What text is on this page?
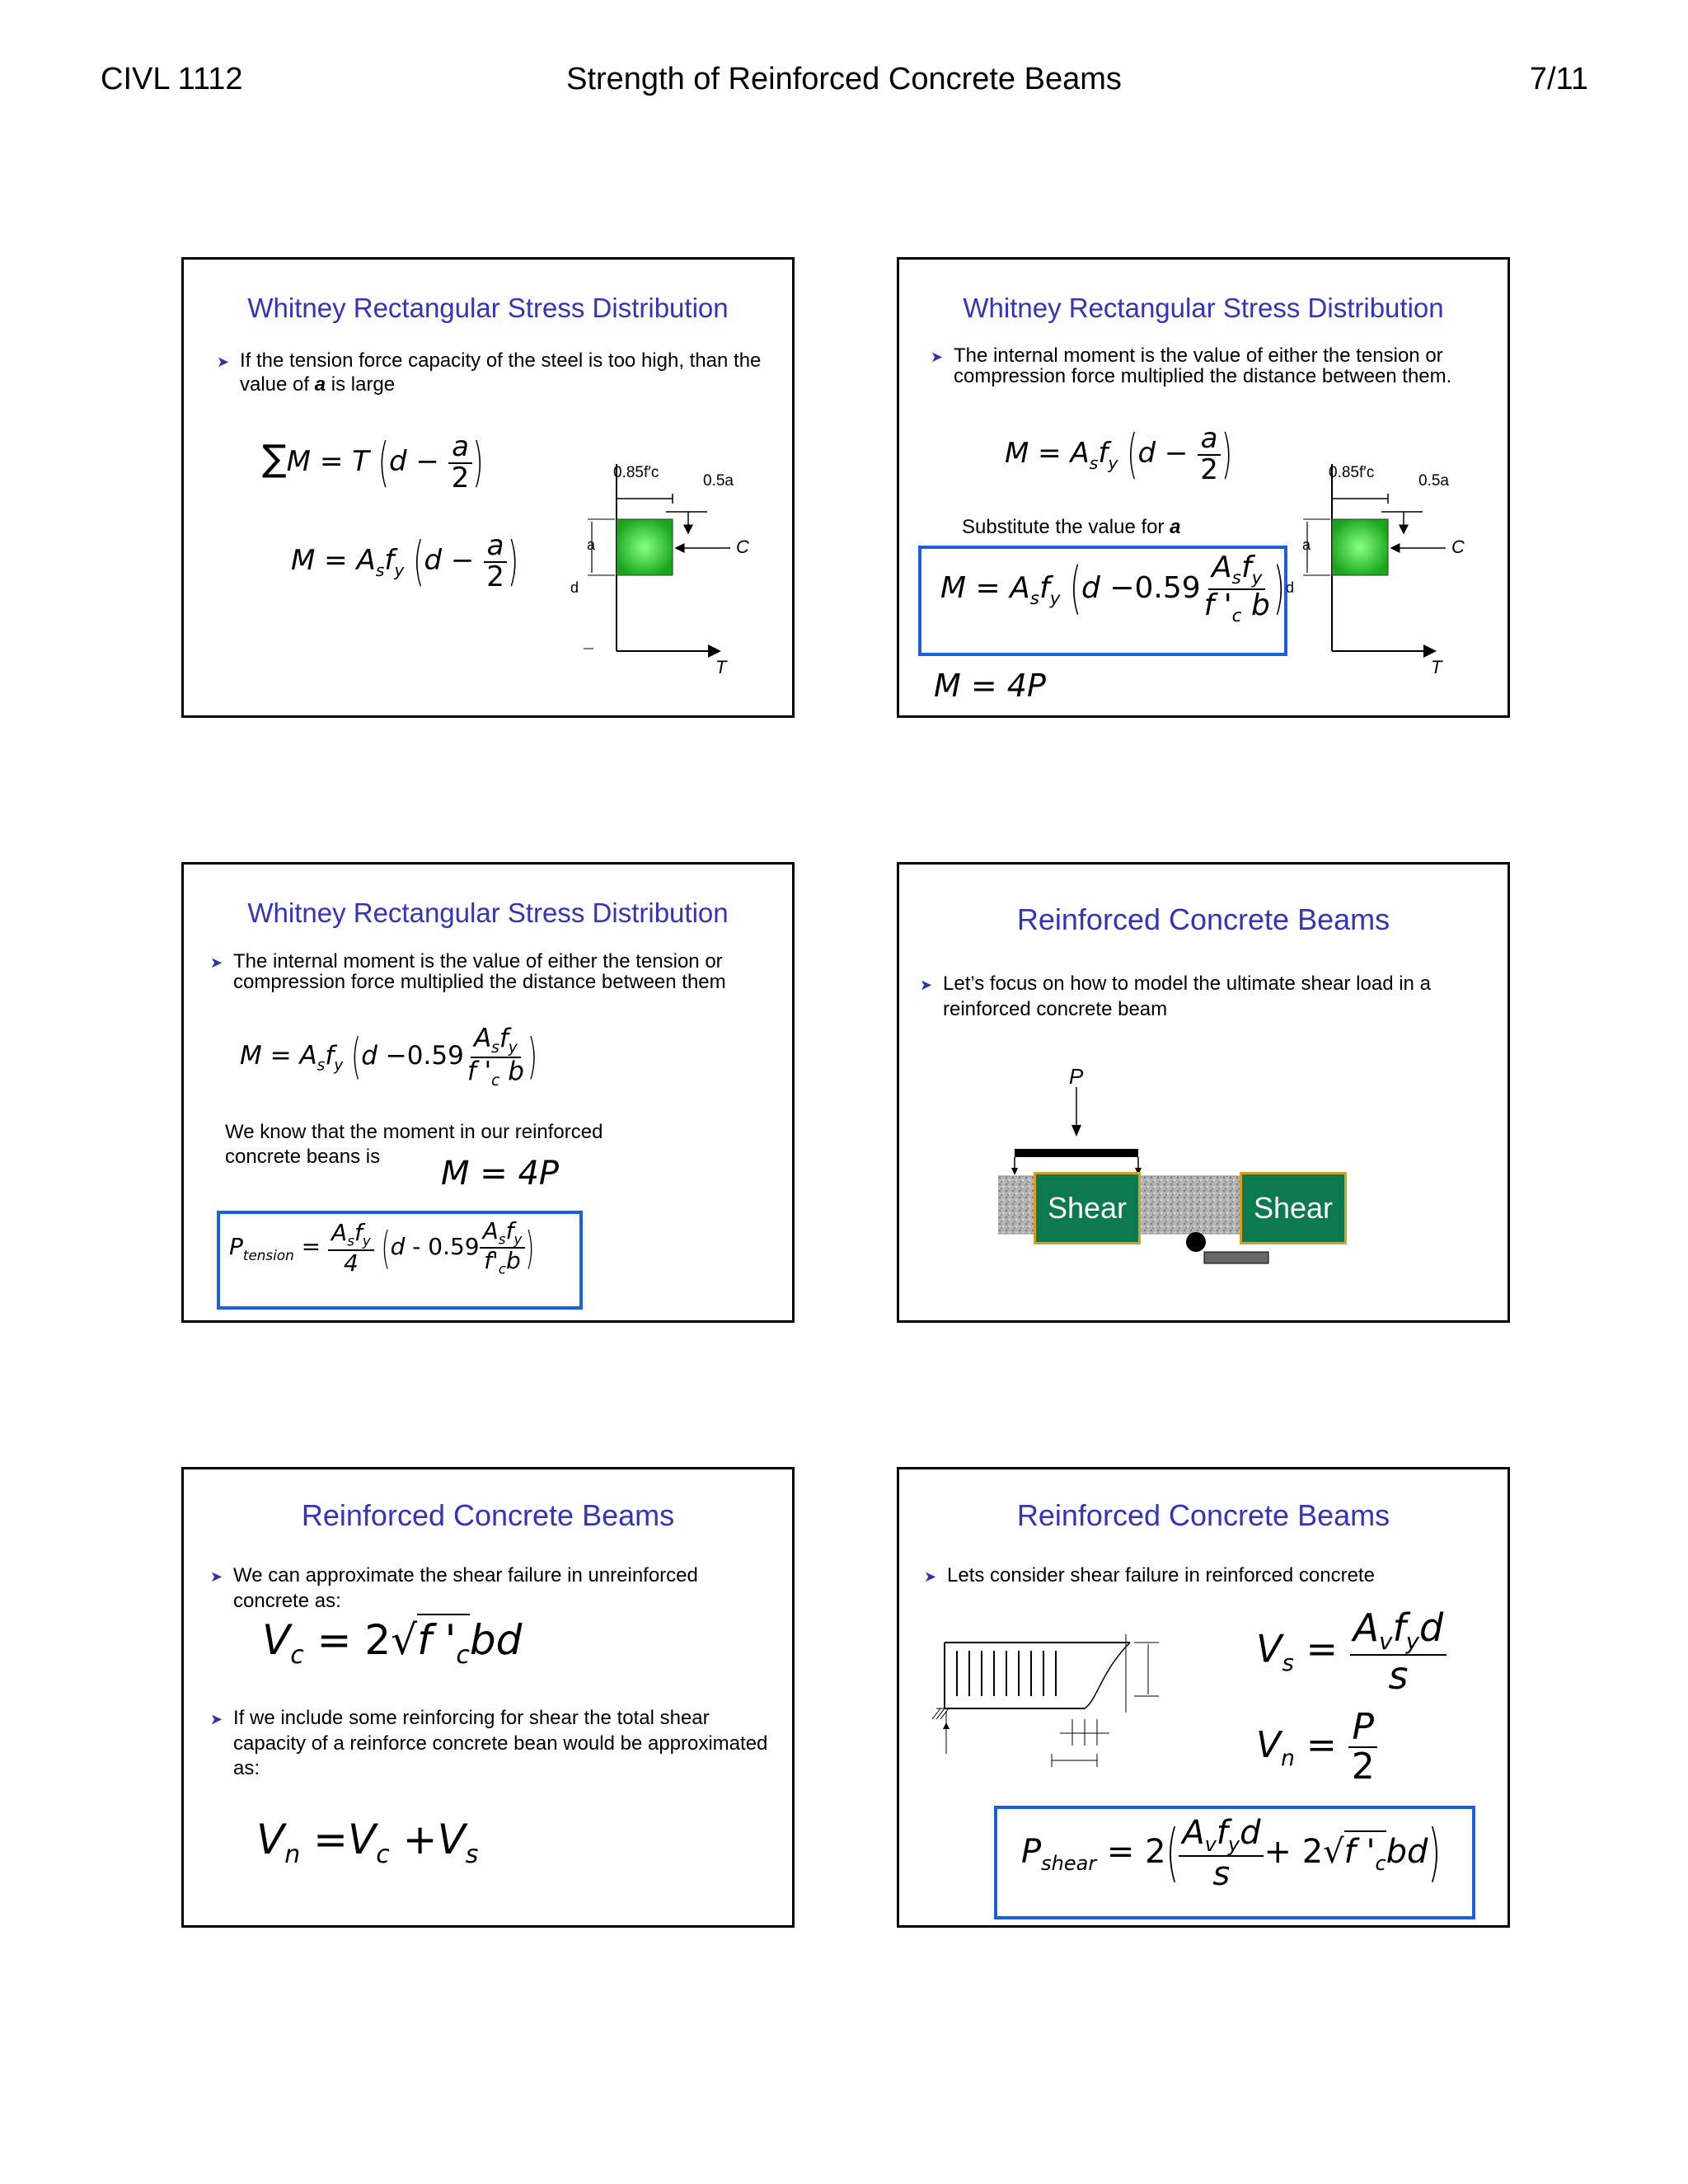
CIVL 1112	Strength of Reinforced Concrete Beams	7/11
Whitney Rectangular Stress Distribution
➤ If the tension force capacity of the steel is too high, than the value of a is large
∑M = T ($d - \frac{a}{2}$ )
$M = A_sf_y$ ($d - \frac{a}{2}$ )
0.85f′c	0.5a
a
d
C
T
Whitney Rectangular Stress Distribution
➤ The internal moment is the value of either the tension or compression force multiplied the distance between them.
$M = A_sf_y$ ($d - \frac{a}{2}$ )
Substitute the value for a
$M = A_sf_y$ ($d -0.59 \frac{A_sf_y}{f '_c b}$ )
M = 4P
0.85f′c	0.5a
a
d
C
T
Whitney Rectangular Stress Distribution
➤ The internal moment is the value of either the tension or compression force multiplied the distance between them
$M = A_sf_y$ ($d -0.59 \frac{A_sf_y}{f '_c b}$ )
We know that the moment in our reinforced concrete beans is	M = 4P
$P_{tension} = \frac{A_sf_y}{4} (d - 0.59 \frac{A_sf_y}{f'_cb}$ )
Reinforced Concrete Beams
➤ Let’s focus on how to model the ultimate shear load in a reinforced concrete beam
P
Shear	Shear
Reinforced Concrete Beams
➤ We can approximate the shear failure in unreinforced concrete as:
$V_c = 2√f$ '$_cbd$
➤ If we include some reinforcing for shear the total shear capacity of a reinforce concrete bean would be approximated as:
$V_n =V_c +V_s$
Reinforced Concrete Beams
➤ Lets consider shear failure in reinforced concrete
$V_s = \frac{A_vf_yd}{s}$
$V_n = \frac{P}{2}$
$P_{shear} = 2( \frac{A_vf_yd}{s} + 2√f$ '$_cbd$)
